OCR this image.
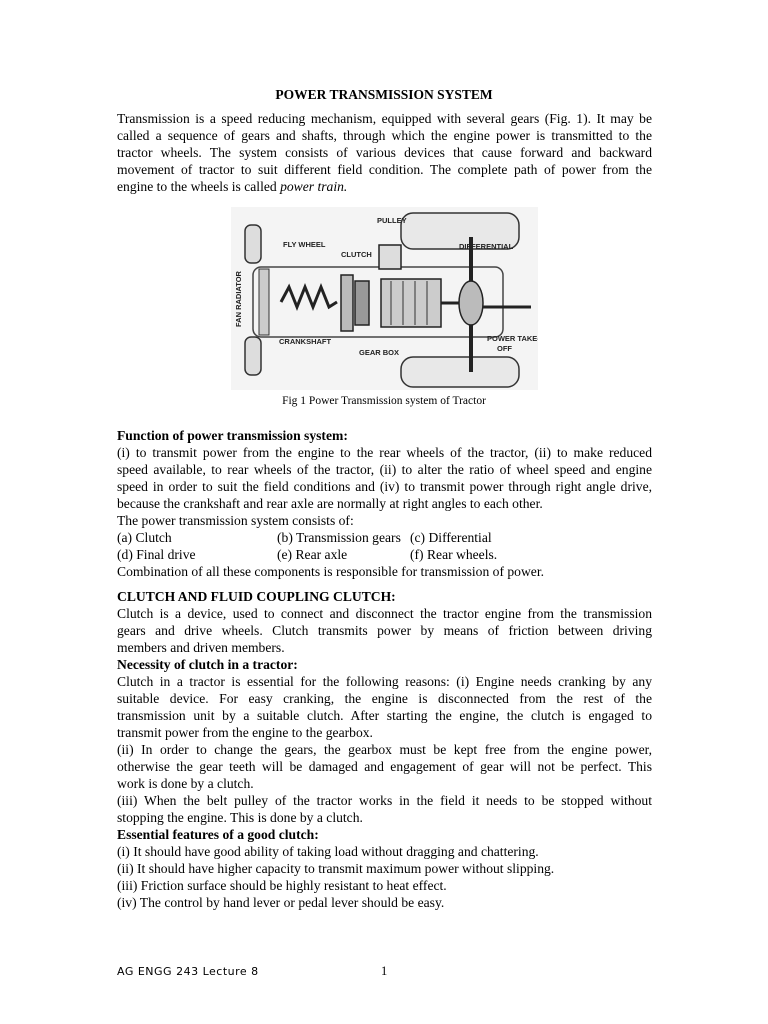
POWER TRANSMISSION SYSTEM
Transmission is a speed reducing mechanism, equipped with several gears (Fig. 1). It may be
called a sequence of gears and shafts, through which the engine power is transmitted to the
tractor wheels. The system consists of various devices that cause forward and backward
movement of tractor to suit different field condition. The complete path of power from the
engine to the wheels is called power train.
PULLEY
FLY WHEEL
CLUTCH
DIFFERENTIAL
FAN RADIATOR
CRANKSHAFT
GEAR BOX
POWER TAKE-
OFF
Fig 1 Power Transmission system of Tractor
Function of power transmission system:
(i) to transmit power from the engine to the rear wheels of the tractor, (ii) to make reduced
speed available, to rear wheels of the tractor, (ii) to alter the ratio of wheel speed and engine
speed in order to suit the field conditions and (iv) to transmit power through right angle drive,
because the crankshaft and rear axle are normally at right angles to each other.
The power transmission system consists of:
(a) Clutch	(b) Transmission gears (c) Differential
(d) Final drive	(e) Rear axle	(f) Rear wheels.
Combination of all these components is responsible for transmission of power.
CLUTCH AND FLUID COUPLING CLUTCH:
Clutch is a device, used to connect and disconnect the tractor engine from the transmission
gears and drive wheels. Clutch transmits power by means of friction between driving
members and driven members.
Necessity of clutch in a tractor:
Clutch in a tractor is essential for the following reasons: (i) Engine needs cranking by any
suitable device. For easy cranking, the engine is disconnected from the rest of the
transmission unit by a suitable clutch. After starting the engine, the clutch is engaged to
transmit power from the engine to the gearbox.
(ii) In order to change the gears, the gearbox must be kept free from the engine power,
otherwise the gear teeth will be damaged and engagement of gear will not be perfect. This
work is done by a clutch.
(iii) When the belt pulley of the tractor works in the field it needs to be stopped without
stopping the engine. This is done by a clutch.
Essential features of a good clutch:
(i) It should have good ability of taking load without dragging and chattering.
(ii) It should have higher capacity to transmit maximum power without slipping.
(iii) Friction surface should be highly resistant to heat effect.
(iv) The control by hand lever or pedal lever should be easy.
AG ENGG 243 Lecture 8	1
